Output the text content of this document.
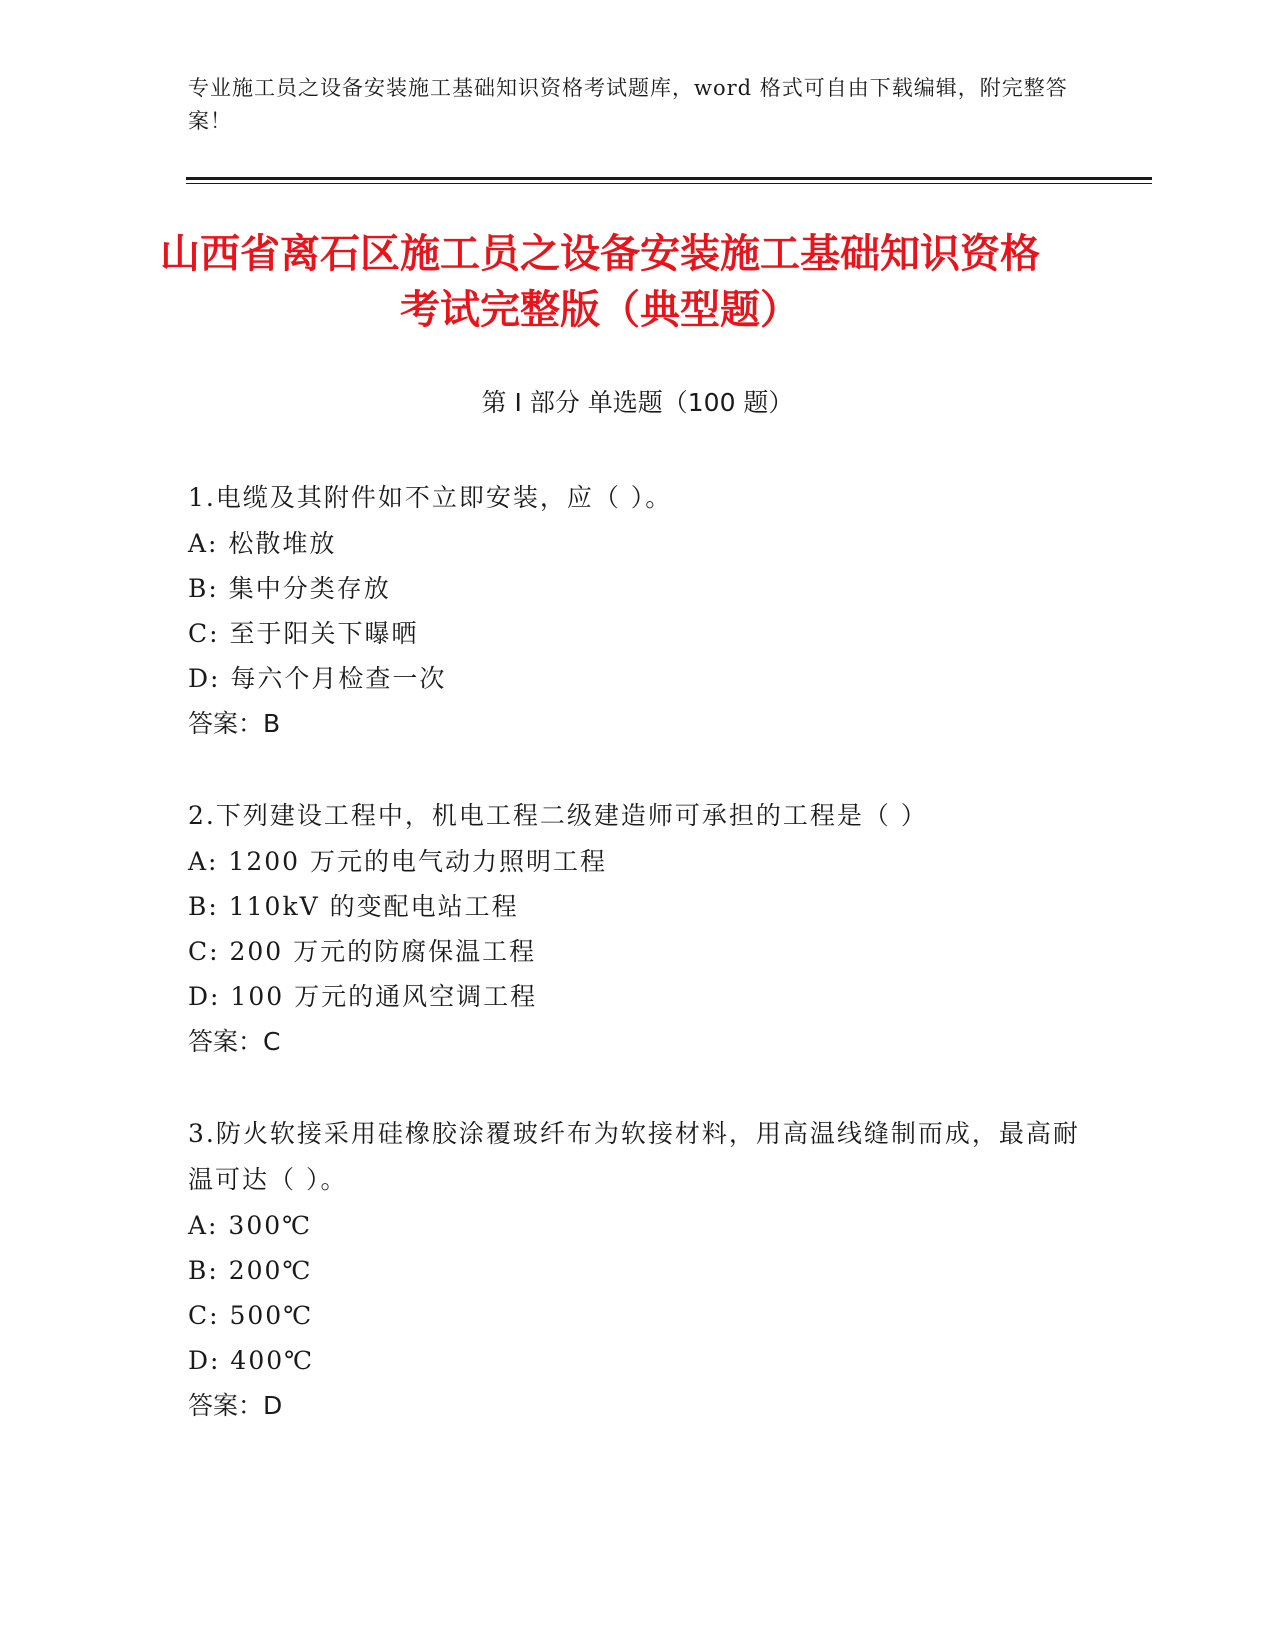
专业施工员之设备安装施工基础知识资格考试题库，word 格式可自由下载编辑，附完整答案！
山西省离石区施工员之设备安装施工基础知识资格考试完整版（典型题）
第 I 部分 单选题（100 题）

1.电缆及其附件如不立即安装，应（ ）。

A: 松散堆放

B: 集中分类存放

C: 至于阳关下曝晒

D: 每六个月检查一次

答案：B

2.下列建设工程中，机电工程二级建造师可承担的工程是（ ）

A: 1200 万元的电气动力照明工程

B: 110kV 的变配电站工程

C: 200 万元的防腐保温工程

D: 100 万元的通风空调工程

答案：C

3.防火软接采用硅橡胶涂覆玻纤布为软接材料，用高温线缝制而成，最高耐温可达（ ）。

A: 300℃

B: 200℃

C: 500℃

D: 400℃

答案：D
